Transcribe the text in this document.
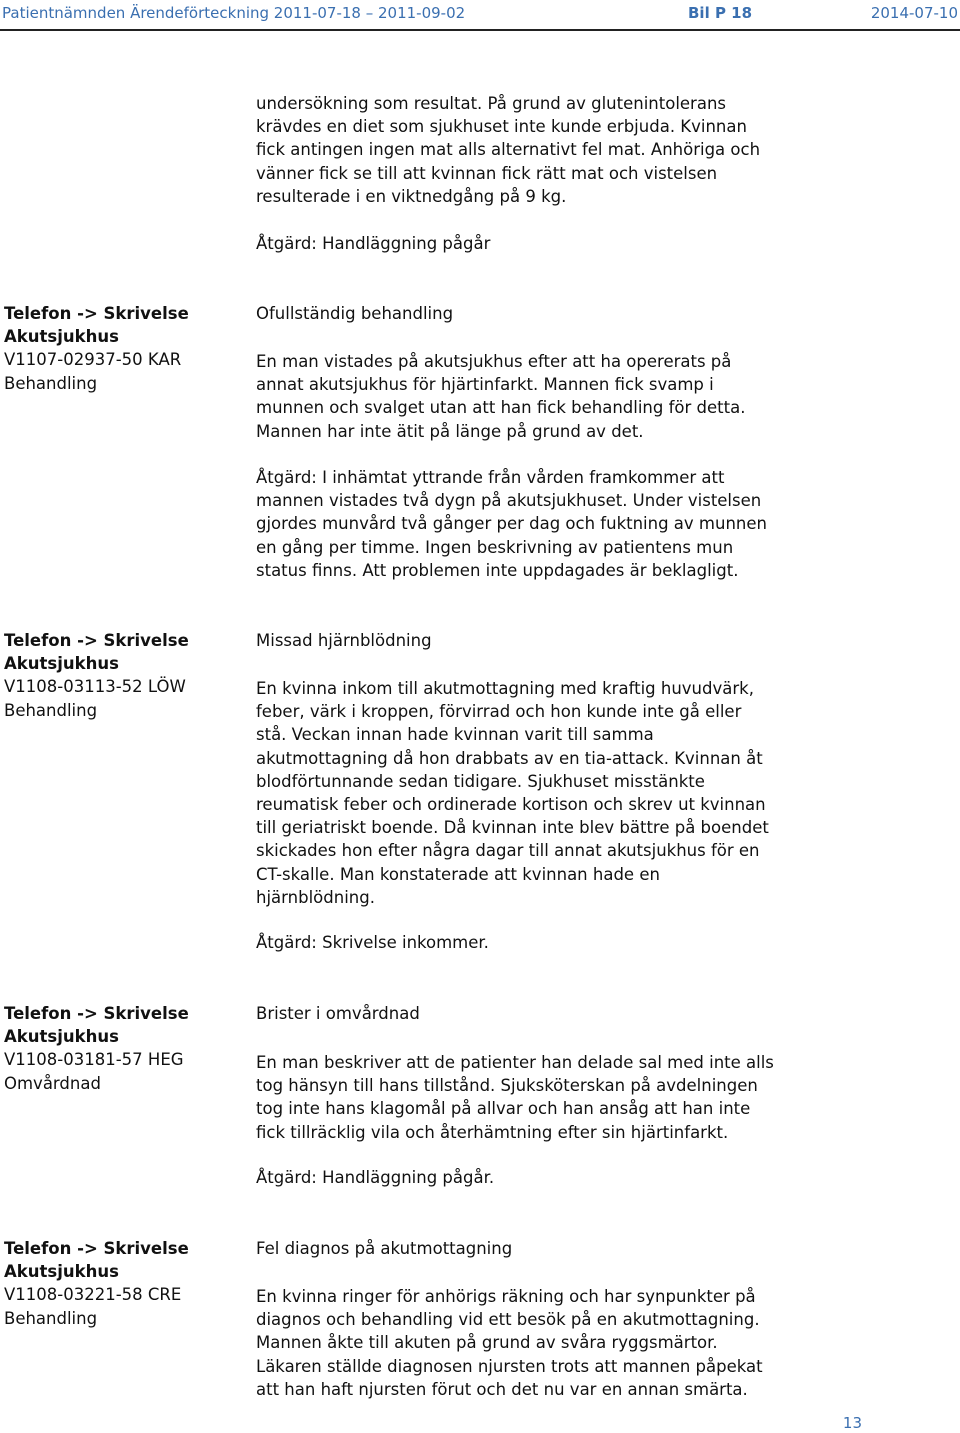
Patientnämnden Ärendeförteckning 2011-07-18 – 2011-09-02	Bil P 18	2014-07-10

undersökning som resultat. På grund av glutenintolerans
krävdes en diet som sjukhuset inte kunde erbjuda. Kvinnan
fick antingen ingen mat alls alternativt fel mat. Anhöriga och
vänner fick se till att kvinnan fick rätt mat och vistelsen
resulterade i en viktnedgång på 9 kg.

Åtgärd: Handläggning pågår

Telefon -> Skrivelse
Akutsjukhus
V1107-02937-50 KAR
Behandling

Ofullständig behandling

En man vistades på akutsjukhus efter att ha opererats på
annat akutsjukhus för hjärtinfarkt. Mannen fick svamp i
munnen och svalget utan att han fick behandling för detta.
Mannen har inte ätit på länge på grund av det.

Åtgärd: I inhämtat yttrande från vården framkommer att
mannen vistades två dygn på akutsjukhuset. Under vistelsen
gjordes munvård två gånger per dag och fuktning av munnen
en gång per timme. Ingen beskrivning av patientens mun
status finns. Att problemen inte uppdagades är beklagligt.

Telefon -> Skrivelse
Akutsjukhus
V1108-03113-52 LÖW
Behandling

Missad hjärnblödning

En kvinna inkom till akutmottagning med kraftig huvudvärk,
feber, värk i kroppen, förvirrad och hon kunde inte gå eller
stå. Veckan innan hade kvinnan varit till samma
akutmottagning då hon drabbats av en tia-attack. Kvinnan åt
blodförtunnande sedan tidigare. Sjukhuset misstänkte
reumatisk feber och ordinerade kortison och skrev ut kvinnan
till geriatriskt boende. Då kvinnan inte blev bättre på boendet
skickades hon efter några dagar till annat akutsjukhus för en
CT-skalle. Man konstaterade att kvinnan hade en
hjärnblödning.

Åtgärd: Skrivelse inkommer.

Telefon -> Skrivelse
Akutsjukhus
V1108-03181-57 HEG
Omvårdnad

Brister i omvårdnad

En man beskriver att de patienter han delade sal med inte alls
tog hänsyn till hans tillstånd. Sjuksköterskan på avdelningen
tog inte hans klagomål på allvar och han ansåg att han inte
fick tillräcklig vila och återhämtning efter sin hjärtinfarkt.

Åtgärd: Handläggning pågår.

Telefon -> Skrivelse
Akutsjukhus
V1108-03221-58 CRE
Behandling

Fel diagnos på akutmottagning

En kvinna ringer för anhörigs räkning och har synpunkter på
diagnos och behandling vid ett besök på en akutmottagning.
Mannen åkte till akuten på grund av svåra ryggsmärtor.
Läkaren ställde diagnosen njursten trots att mannen påpekat
att han haft njursten förut och det nu var en annan smärta.

13
